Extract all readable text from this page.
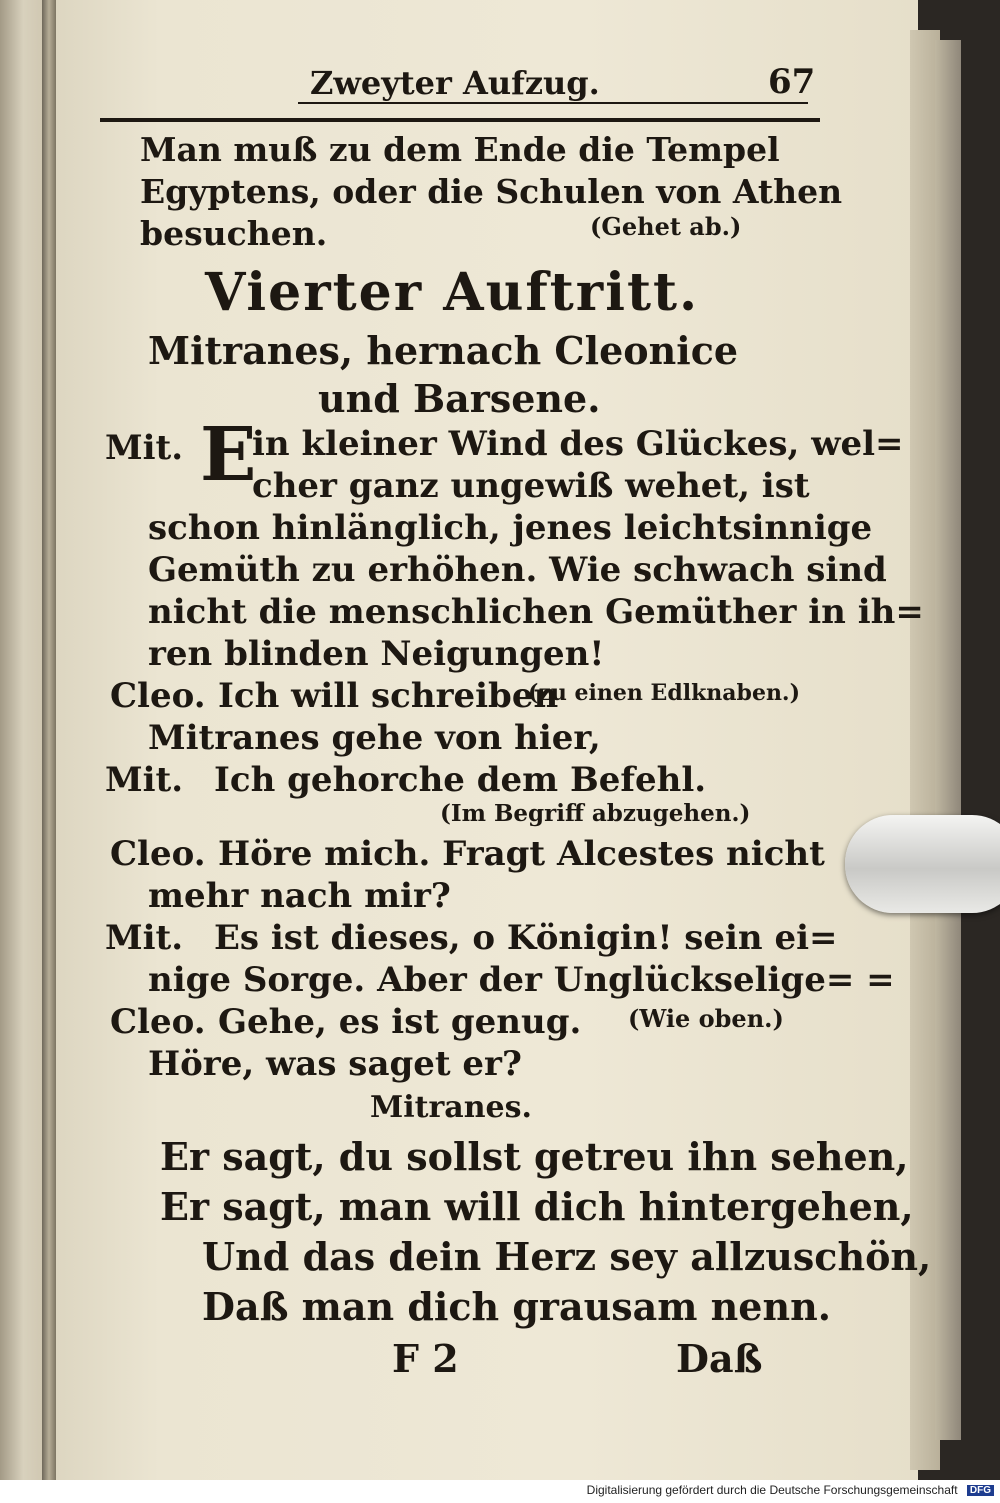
Zweyter Aufzug.	67
Man muß zu dem Ende die Tempel
Egyptens, oder die Schulen von Athen
besuchen.	(Gehet ab.)
Vierter Auftritt.
Mitranes, hernach Cleonice
und Barsene.
Mit. E
in kleiner Wind des Glückes, wel=
cher ganz ungewiß wehet, ist
schon hinlänglich, jenes leichtsinnige
Gemüth zu erhöhen. Wie schwach sind
nicht die menschlichen Gemüther in ih=
ren blinden Neigungen!
Cleo. Ich will schreiben
(zu einen Edlknaben.)
Mitranes gehe von hier,
Mit. Ich gehorche dem Befehl.
(Im Begriff abzugehen.)
Cleo. Höre mich. Fragt Alcestes nicht
mehr nach mir?
Mit. Es ist dieses, o Königin! sein ei=
nige Sorge. Aber der Unglückselige= =
Cleo. Gehe, es ist genug. (Wie oben.)
Höre, was saget er?
Mitranes.
Er sagt, du sollst getreu ihn sehen,
Er sagt, man will dich hintergehen,
Und das dein Herz sey allzuschön,
Daß man dich grausam nenn.
F 2	Daß
Digitalisierung gefördert durch die Deutsche Forschungsgemeinschaft DFG
